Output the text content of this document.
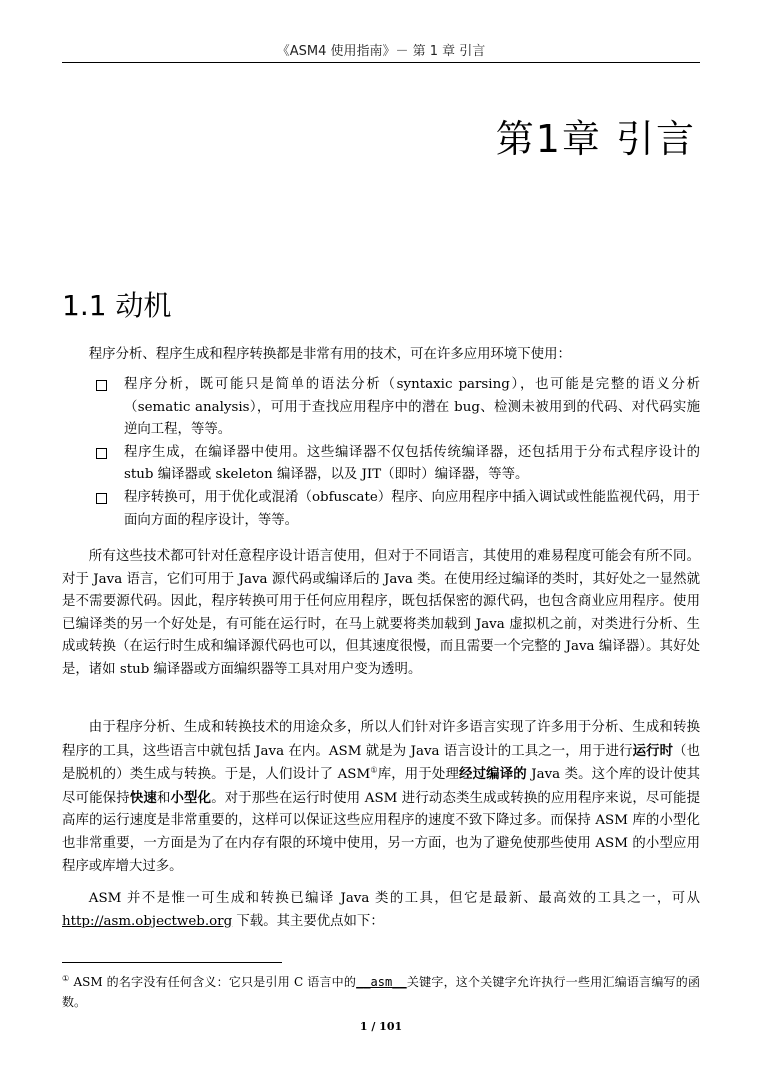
《ASM4 使用指南》－ 第 1 章 引言
第1章 引言
1.1 动机

程序分析、程序生成和程序转换都是非常有用的技术，可在许多应用环境下使用：

程序分析，既可能只是简单的语法分析（syntaxic parsing），也可能是完整的语义分析（sematic analysis），可用于查找应用程序中的潜在 bug、检测未被用到的代码、对代码实施逆向工程，等等。
程序生成，在编译器中使用。这些编译器不仅包括传统编译器，还包括用于分布式程序设计的 stub 编译器或 skeleton 编译器，以及 JIT（即时）编译器，等等。
程序转换可，用于优化或混淆（obfuscate）程序、向应用程序中插入调试或性能监视代码，用于面向方面的程序设计，等等。

所有这些技术都可针对任意程序设计语言使用，但对于不同语言，其使用的难易程度可能会有所不同。对于 Java 语言，它们可用于 Java 源代码或编译后的 Java 类。在使用经过编译的类时，其好处之一显然就是不需要源代码。因此，程序转换可用于任何应用程序，既包括保密的源代码，也包含商业应用程序。使用已编译类的另一个好处是，有可能在运行时，在马上就要将类加载到 Java 虚拟机之前，对类进行分析、生成或转换（在运行时生成和编译源代码也可以，但其速度很慢，而且需要一个完整的 Java 编译器）。其好处是，诸如 stub 编译器或方面编织器等工具对用户变为透明。

由于程序分析、生成和转换技术的用途众多，所以人们针对许多语言实现了许多用于分析、生成和转换程序的工具，这些语言中就包括 Java 在内。ASM 就是为 Java 语言设计的工具之一，用于进行运行时（也是脱机的）类生成与转换。于是，人们设计了 ASM①库，用于处理经过编译的 Java 类。这个库的设计使其尽可能保持快速和小型化。对于那些在运行时使用 ASM 进行动态类生成或转换的应用程序来说，尽可能提高库的运行速度是非常重要的，这样可以保证这些应用程序的速度不致下降过多。而保持 ASM 库的小型化也非常重要，一方面是为了在内存有限的环境中使用，另一方面，也为了避免使那些使用 ASM 的小型应用程序或库增大过多。

ASM 并不是惟一可生成和转换已编译 Java 类的工具，但它是最新、最高效的工具之一，可从 http://asm.objectweb.org 下载。其主要优点如下：

① ASM 的名字没有任何含义：它只是引用 C 语言中的__asm__关键字，这个关键字允许执行一些用汇编语言编写的函数。
1 / 101
